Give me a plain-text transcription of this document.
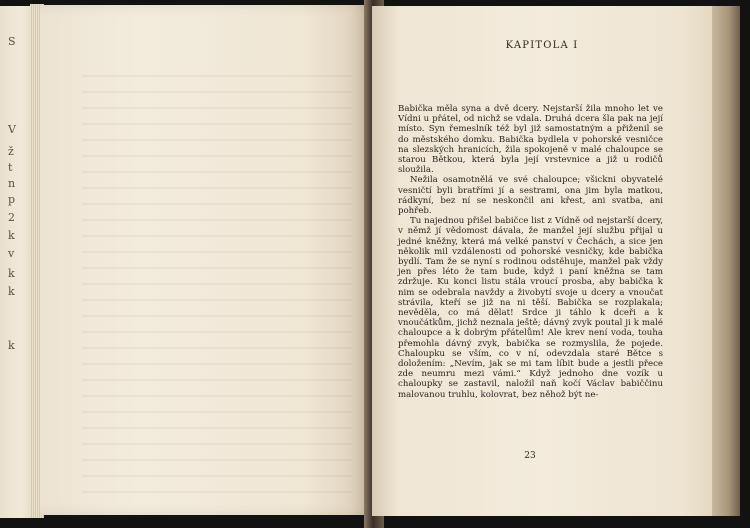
S
V
ž
t
n
p
2
k
v
k
k
k
KAPITOLA I

Babička měla syna a dvě dcery. Nejstarší žila mnoho let ve Vídni u přátel, od nichž se vdala. Druhá dcera šla pak na její místo. Syn řemeslník též byl již samostatným a přiženil se do městského domku. Babička bydlela v pohorské vesničce na slezských hranicích, žila spokojeně v malé chaloupce se starou Bětkou, která byla její vrstevnice a již u rodičů sloužila.

Nežila osamotnělá ve své chaloupce; všickni obyvatelé vesničtí byli bratřími jí a sestrami, ona jim byla matkou, rádkyní, bez ní se neskončil ani křest, ani svatba, ani pohřeb.

Tu najednou přišel babičce list z Vídně od nejstarší dcery, v němž jí vědomost dávala, že manžel její službu přijal u jedné kněžny, která má velké panství v Čechách, a sice jen několik mil vzdálenosti od pohorské vesničky, kde babička bydlí. Tam že se nyní s rodinou odstěhuje, manžel pak vždy jen přes léto že tam bude, když i paní kněžna se tam zdržuje. Ku konci listu stála vroucí prosba, aby babička k nim se odebrala navždy a živobytí svoje u dcery a vnoučat strávila, kteří se již na ni těší. Babička se rozplakala; nevěděla, co má dělat! Srdce ji táhlo k dceři a k vnoučátkům, jichž neznala ještě; dávný zvyk poutal ji k malé chaloupce a k dobrým přátelům! Ale krev není voda, touha přemohla dávný zvyk, babička se rozmyslila, že pojede. Chaloupku se vším, co v ní, odevzdala staré Bětce s doložením: „Nevím, jak se mi tam líbit bude a jestli přece zde neumru mezi vámi.“ Když jednoho dne vozík u chaloupky se zastavil, naložil naň kočí Václav babiččinu malovanou truhlu, kolovrat, bez něhož být ne-

23
